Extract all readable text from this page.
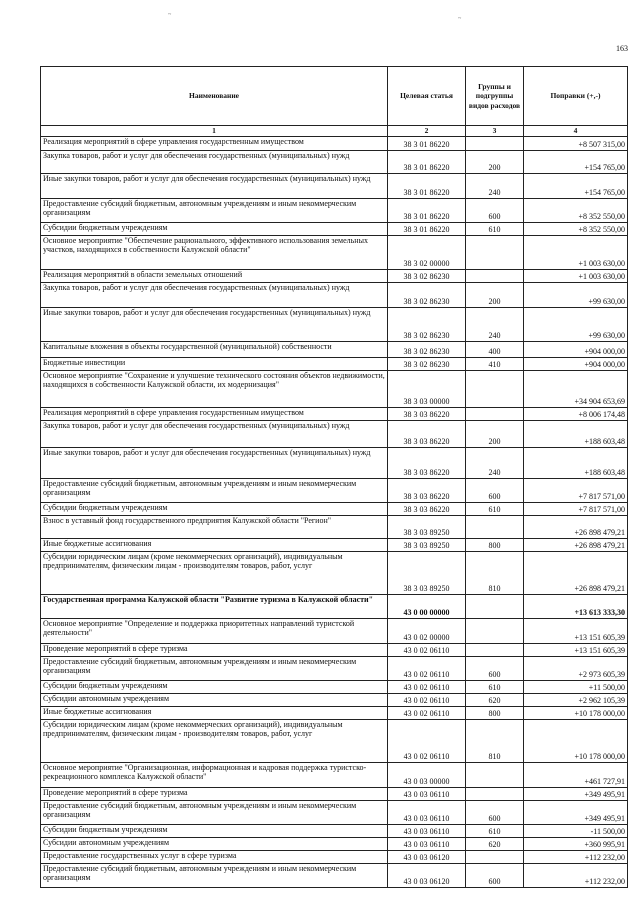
163
~
~
Наименование	Целевая статья	Группы и подгруппы видов расходов	Поправки (+,-)
1	2	3	4
Реализация мероприятий в сфере управления государственным имуществом	38 3 01 86220		+8 507 315,00
Закупка товаров, работ и услуг для обеспечения государственных (муниципальных) нужд	38 3 01 86220	200	+154 765,00
Иные закупки товаров, работ и услуг для обеспечения государственных (муниципальных) нужд	38 3 01 86220	240	+154 765,00
Предоставление субсидий бюджетным, автономным учреждениям и иным некоммерческим организациям	38 3 01 86220	600	+8 352 550,00
Субсидии бюджетным учреждениям	38 3 01 86220	610	+8 352 550,00
Основное мероприятие "Обеспечение рационального, эффективного использования земельных участков, находящихся в собственности Калужской области"	38 3 02 00000		+1 003 630,00
Реализация мероприятий в области земельных отношений	38 3 02 86230		+1 003 630,00
Закупка товаров, работ и услуг для обеспечения государственных (муниципальных) нужд	38 3 02 86230	200	+99 630,00
Иные закупки товаров, работ и услуг для обеспечения государственных (муниципальных) нужд	38 3 02 86230	240	+99 630,00
Капитальные вложения в объекты государственной (муниципальной) собственности	38 3 02 86230	400	+904 000,00
Бюджетные инвестиции	38 3 02 86230	410	+904 000,00
Основное мероприятие "Сохранение и улучшение технического состояния объектов недвижимости, находящихся в собственности Калужской области, их модернизация"	38 3 03 00000		+34 904 653,69
Реализация мероприятий в сфере управления государственным имуществом	38 3 03 86220		+8 006 174,48
Закупка товаров, работ и услуг для обеспечения государственных (муниципальных) нужд	38 3 03 86220	200	+188 603,48
Иные закупки товаров, работ и услуг для обеспечения государственных (муниципальных) нужд	38 3 03 86220	240	+188 603,48
Предоставление субсидий бюджетным, автономным учреждениям и иным некоммерческим организациям	38 3 03 86220	600	+7 817 571,00
Субсидии бюджетным учреждениям	38 3 03 86220	610	+7 817 571,00
Взнос в уставный фонд государственного предприятия Калужской области "Регион"	38 3 03 89250		+26 898 479,21
Иные бюджетные ассигнования	38 3 03 89250	800	+26 898 479,21
Субсидии юридическим лицам (кроме некоммерческих организаций), индивидуальным предпринимателям, физическим лицам - производителям товаров, работ, услуг	38 3 03 89250	810	+26 898 479,21
Государственная программа Калужской области "Развитие туризма в Калужской области"	43 0 00 00000		+13 613 333,30
Основное мероприятие "Определение и поддержка приоритетных направлений туристской деятельности"	43 0 02 00000		+13 151 605,39
Проведение мероприятий в сфере туризма	43 0 02 06110		+13 151 605,39
Предоставление субсидий бюджетным, автономным учреждениям и иным некоммерческим организациям	43 0 02 06110	600	+2 973 605,39
Субсидии бюджетным учреждениям	43 0 02 06110	610	+11 500,00
Субсидии автономным учреждениям	43 0 02 06110	620	+2 962 105,39
Иные бюджетные ассигнования	43 0 02 06110	800	+10 178 000,00
Субсидии юридическим лицам (кроме некоммерческих организаций), индивидуальным предпринимателям, физическим лицам - производителям товаров, работ, услуг	43 0 02 06110	810	+10 178 000,00
Основное мероприятие "Организационная, информационная и кадровая поддержка туристско-рекреационного комплекса Калужской области"	43 0 03 00000		+461 727,91
Проведение мероприятий в сфере туризма	43 0 03 06110		+349 495,91
Предоставление субсидий бюджетным, автономным учреждениям и иным некоммерческим организациям	43 0 03 06110	600	+349 495,91
Субсидии бюджетным учреждениям	43 0 03 06110	610	-11 500,00
Субсидии автономным учреждениям	43 0 03 06110	620	+360 995,91
Предоставление государственных услуг в сфере туризма	43 0 03 06120		+112 232,00
Предоставление субсидий бюджетным, автономным учреждениям и иным некоммерческим организациям	43 0 03 06120	600	+112 232,00
